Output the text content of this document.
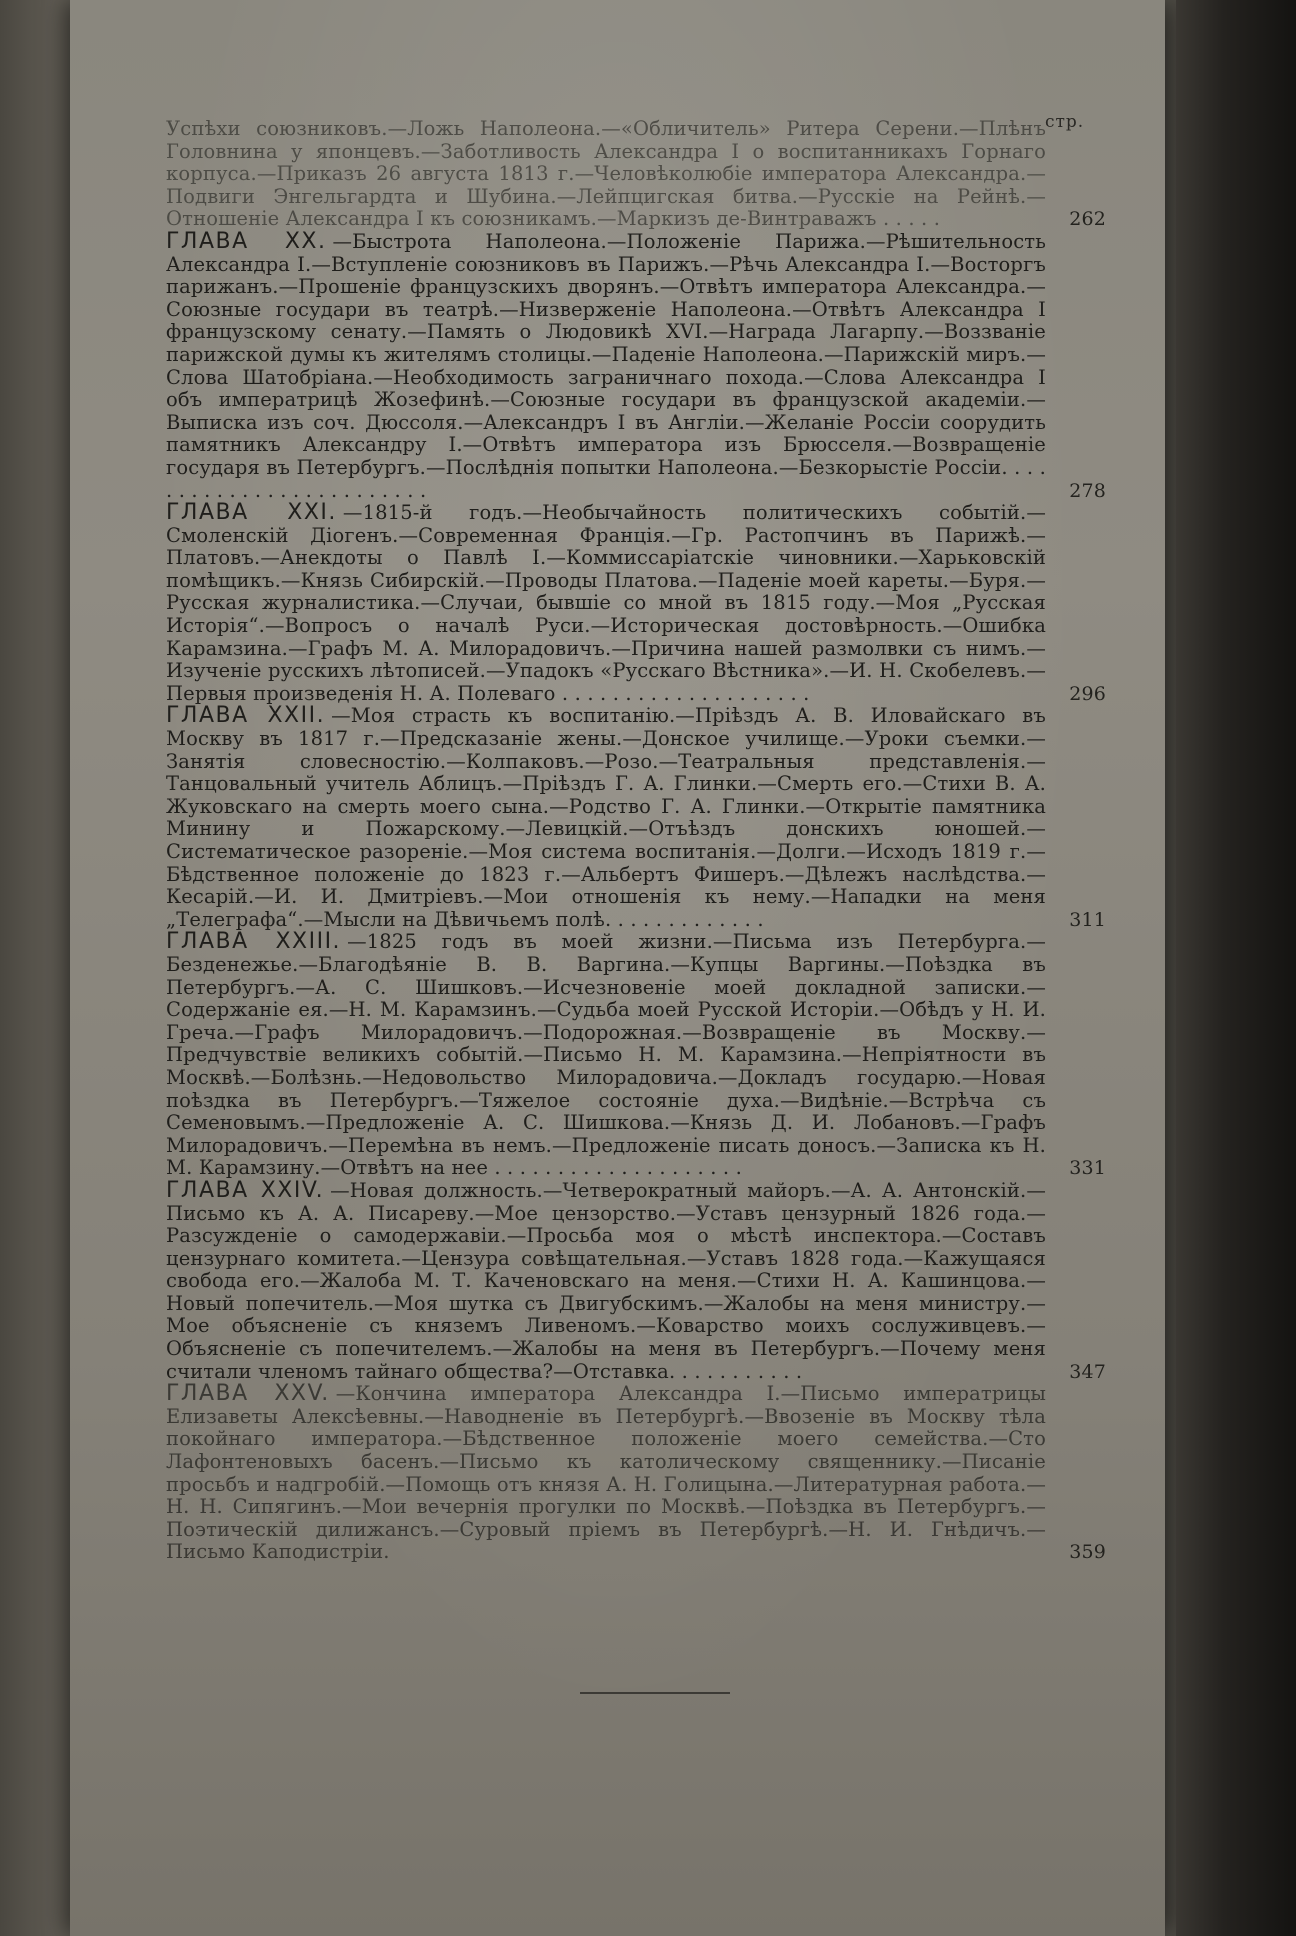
стр.
Успѣхи союзниковъ.—Ложь Наполеона.—«Обличитель» Ритера Серени.—Плѣнъ Головнина у японцевъ.—Заботливость Александра I о воспитанникахъ Горнаго корпуса.—Приказъ 26 августа 1813 г.—Человѣколюбіе императора Александра.—Подвиги Энгельгардта и Шубина.—Лейпцигская битва.—Русскіе на Рейнѣ.—Отношеніе Александра I къ союзникамъ.—Маркизъ де-Винтраважъ . . . . .	262
ГЛАВА XX. —Быстрота Наполеона.—Положеніе Парижа.—Рѣшительность Александра I.—Вступленіе союзниковъ въ Парижъ.—Рѣчь Александра I.—Восторгъ парижанъ.—Прошеніе французскихъ дворянъ.—Отвѣтъ императора Александра.—Союзные государи въ театрѣ.—Низверженіе Наполеона.—Отвѣтъ Александра I французскому сенату.—Память о Людовикѣ XVI.—Награда Лагарпу.—Воззваніе парижской думы къ жителямъ столицы.—Паденіе Наполеона.—Парижскій миръ.—Слова Шатобріана.—Необходимость заграничнаго похода.—Слова Александра I объ императрицѣ Жозефинѣ.—Союзные государи въ французской академіи.—Выписка изъ соч. Дюссоля.—Александръ I въ Англіи.—Желаніе Россіи соорудить памятникъ Александру I.—Отвѣтъ императора изъ Брюсселя.—Возвращеніе государя въ Петербургъ.—Послѣднія попытки Наполеона.—Безкорыстіе Россіи. . . . . . . . . . . . . . . . . . . . . . . . .	278
ГЛАВА XXI. —1815-й годъ.—Необычайность политическихъ событій.—Смоленскій Діогенъ.—Современная Франція.—Гр. Растопчинъ въ Парижѣ.—Платовъ.—Анекдоты о Павлѣ I.—Коммиссаріатскіе чиновники.—Харьковскій помѣщикъ.—Князь Сибирскій.—Проводы Платова.—Паденіе моей кареты.—Буря.—Русская журналистика.—Случаи, бывшіе со мной въ 1815 году.—Моя „Русская Исторія“.—Вопросъ о началѣ Руси.—Историческая достовѣрность.—Ошибка Карамзина.—Графъ М. А. Милорадовичъ.—Причина нашей размолвки съ нимъ.—Изученіе русскихъ лѣтописей.—Упадокъ «Русскаго Вѣстника».—И. Н. Скобелевъ.—Первыя произведенія Н. А. Полеваго . . . . . . . . . . . . . . . . . . . .	296
ГЛАВА XXII. —Моя страсть къ воспитанію.—Пріѣздъ А. В. Иловайскаго въ Москву въ 1817 г.—Предсказаніе жены.—Донское училище.—Уроки съемки.—Занятія словесностію.—Колпаковъ.—Розо.—Театральныя представленія.—Танцовальный учитель Аблицъ.—Пріѣздъ Г. А. Глинки.—Смерть его.—Стихи В. А. Жуковскаго на смерть моего сына.—Родство Г. А. Глинки.—Открытіе памятника Минину и Пожарскому.—Левицкій.—Отъѣздъ донскихъ юношей.—Систематическое разореніе.—Моя система воспитанія.—Долги.—Исходъ 1819 г.—Бѣдственное положеніе до 1823 г.—Альбертъ Фишеръ.—Дѣлежъ наслѣдства.—Кесарій.—И. И. Дмитріевъ.—Мои отношенія къ нему.—Нападки на меня „Телеграфа“.—Мысли на Дѣвичьемъ полѣ. . . . . . . . . . . . .	311
ГЛАВА XXIII. —1825 годъ въ моей жизни.—Письма изъ Петербурга.—Безденежье.—Благодѣяніе В. В. Варгина.—Купцы Варгины.—Поѣздка въ Петербургъ.—А. С. Шишковъ.—Исчезновеніе моей докладной записки.—Содержаніе ея.—Н. М. Карамзинъ.—Судьба моей Русской Исторіи.—Обѣдъ у Н. И. Греча.—Графъ Милорадовичъ.—Подорожная.—Возвращеніе въ Москву.—Предчувствіе великихъ событій.—Письмо Н. М. Карамзина.—Непріятности въ Москвѣ.—Болѣзнь.—Недовольство Милорадовича.—Докладъ государю.—Новая поѣздка въ Петербургъ.—Тяжелое состояніе духа.—Видѣніе.—Встрѣча съ Семеновымъ.—Предложеніе А. С. Шишкова.—Князь Д. И. Лобановъ.—Графъ Милорадовичъ.—Перемѣна въ немъ.—Предложеніе писать доносъ.—Записка къ Н. М. Карамзину.—Отвѣтъ на нее . . . . . . . . . . . . . . . . . . . .	331
ГЛАВА XXIV. —Новая должность.—Четверократный майоръ.—А. А. Антонскій.—Письмо къ А. А. Писареву.—Мое цензорство.—Уставъ цензурный 1826 года.—Разсужденіе о самодержавіи.—Просьба моя о мѣстѣ инспектора.—Составъ цензурнаго комитета.—Цензура совѣщательная.—Уставъ 1828 года.—Кажущаяся свобода его.—Жалоба М. Т. Каченовскаго на меня.—Стихи Н. А. Кашинцова.—Новый попечитель.—Моя шутка съ Двигубскимъ.—Жалобы на меня министру.—Мое объясненіе съ княземъ Ливеномъ.—Коварство моихъ сослуживцевъ.—Объясненіе съ попечителемъ.—Жалобы на меня въ Петербургъ.—Почему меня считали членомъ тайнаго общества?—Отставка. . . . . . . . . . .	347
ГЛАВА XXV. —Кончина императора Александра I.—Письмо императрицы Елизаветы Алексѣевны.—Наводненіе въ Петербургѣ.—Ввозеніе въ Москву тѣла покойнаго императора.—Бѣдственное положеніе моего семейства.—Сто Лафонтеновыхъ басенъ.—Письмо къ католическому священнику.—Писаніе просьбъ и надгробій.—Помощь отъ князя А. Н. Голицына.—Литературная работа.—Н. Н. Сипягинъ.—Мои вечернія прогулки по Москвѣ.—Поѣздка въ Петербургъ.—Поэтическій дилижансъ.—Суровый пріемъ въ Петербургѣ.—Н. И. Гнѣдичъ.—Письмо Каподистріи.	359
